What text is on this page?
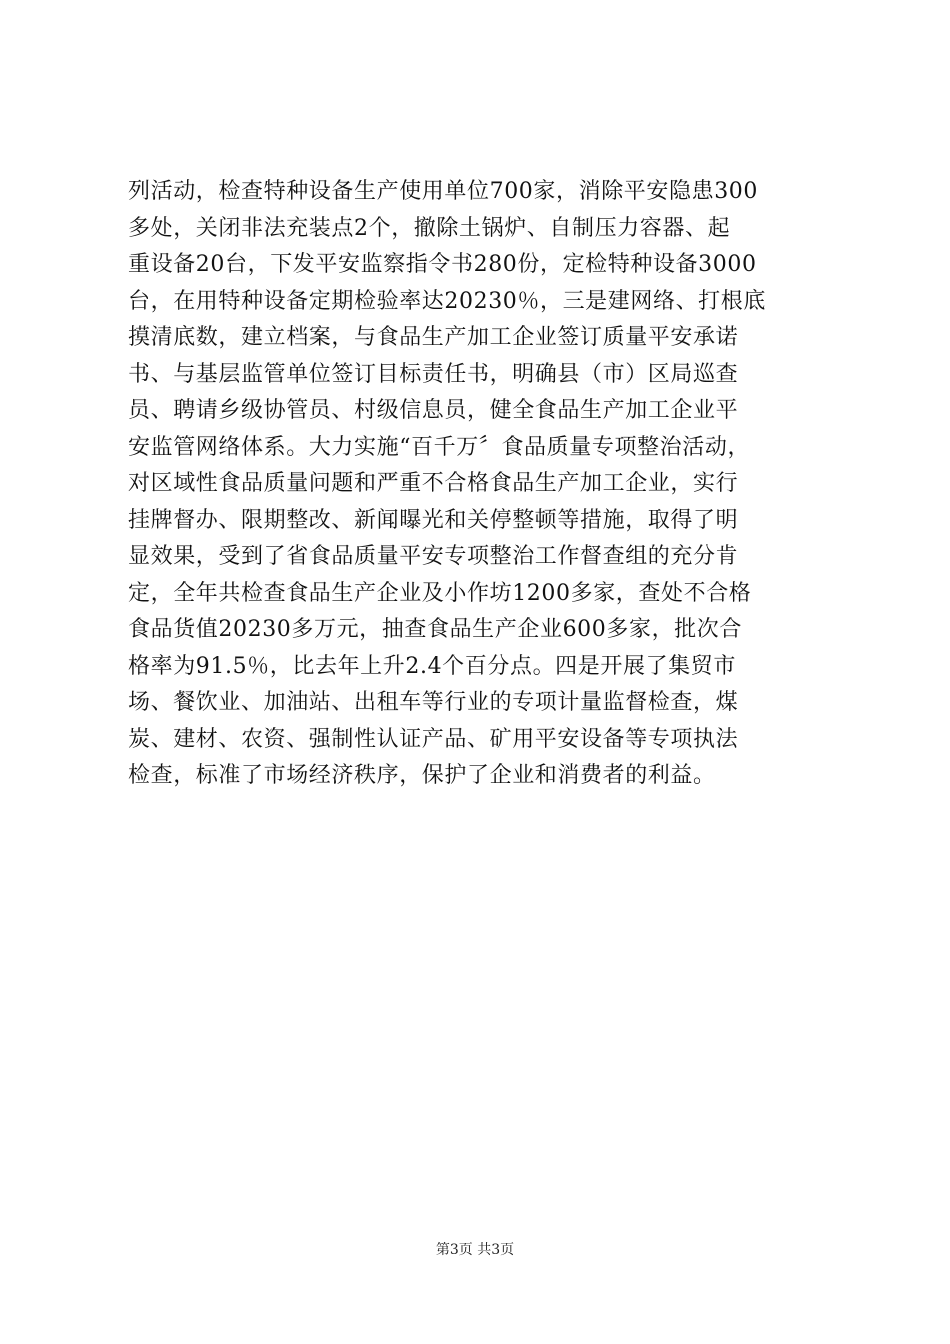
列活动，检查特种设备生产使用单位700家，消除平安隐患300
多处，关闭非法充装点2个，撤除土锅炉、自制压力容器、起
重设备20台，下发平安监察指令书280份，定检特种设备3000
台，在用特种设备定期检验率达20230％，三是建网络、打根底
摸清底数，建立档案，与食品生产加工企业签订质量平安承诺
书、与基层监管单位签订目标责任书，明确县（市）区局巡查
员、聘请乡级协管员、村级信息员，健全食品生产加工企业平
安监管网络体系。大力实施“百千万〞食品质量专项整治活动，
对区域性食品质量问题和严重不合格食品生产加工企业，实行
挂牌督办、限期整改、新闻曝光和关停整顿等措施，取得了明
显效果，受到了省食品质量平安专项整治工作督查组的充分肯
定，全年共检查食品生产企业及小作坊1200多家，查处不合格
食品货值20230多万元，抽查食品生产企业600多家，批次合
格率为91.5％，比去年上升2.4个百分点。四是开展了集贸市
场、餐饮业、加油站、出租车等行业的专项计量监督检查，煤
炭、建材、农资、强制性认证产品、矿用平安设备等专项执法
检查，标准了市场经济秩序，保护了企业和消费者的利益。
第3页 共3页
